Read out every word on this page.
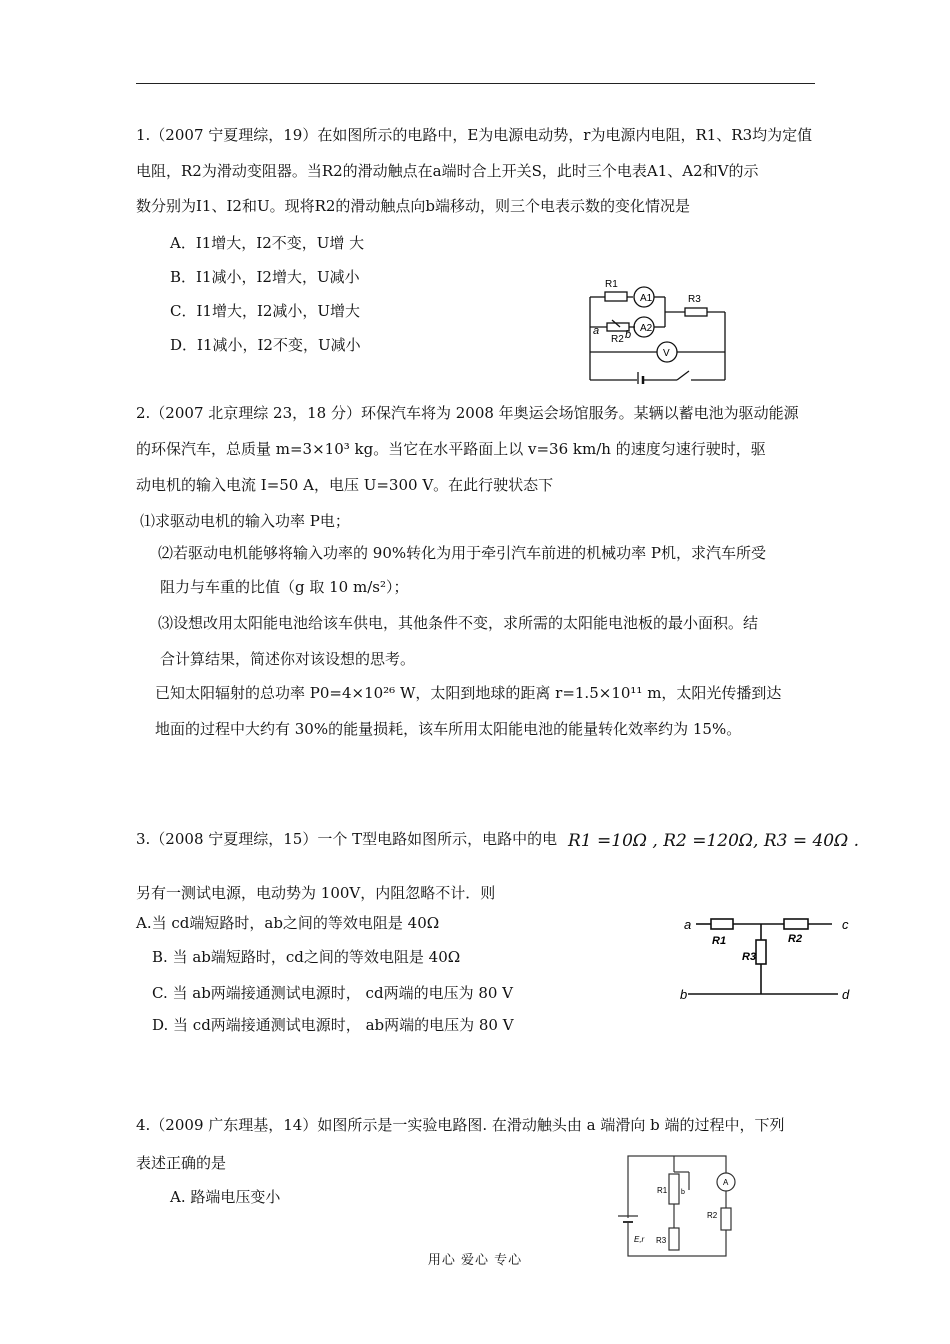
1.（2007 宁夏理综，19）在如图所示的电路中，E为电源电动势，r为电源内电阻，R1、R3均为定值
电阻，R2为滑动变阻器。当R2的滑动触点在a端时合上开关S，此时三个电表A1、A2和V的示
数分别为I1、I2和U。现将R2的滑动触点向b端移动，则三个电表示数的变化情况是
A．I1增大，I2不变，U增 大
B．I1减小，I2增大，U减小
C．I1增大，I2减小，U增大
D．I1减小，I2不变，U减小
R1
A1	R3
a	A2
R2 b
V
2.（2007 北京理综 23，18 分）环保汽车将为 2008 年奥运会场馆服务。某辆以蓄电池为驱动能源
的环保汽车，总质量 m=3×10³ kg。当它在水平路面上以 v=36 km/h 的速度匀速行驶时，驱
动电机的输入电流 I=50 A，电压 U=300 V。在此行驶状态下
⑴求驱动电机的输入功率 P电；
⑵若驱动电机能够将输入功率的 90%转化为用于牵引汽车前进的机械功率 P机，求汽车所受
阻力与车重的比值（g 取 10 m/s²）；
⑶设想改用太阳能电池给该车供电，其他条件不变，求所需的太阳能电池板的最小面积。结
合计算结果，简述你对该设想的思考。
已知太阳辐射的总功率 P0=4×10²⁶ W，太阳到地球的距离 r=1.5×10¹¹ m，太阳光传播到达
地面的过程中大约有 30%的能量损耗，该车所用太阳能电池的能量转化效率约为 15%。
3.（2008 宁夏理综，15）一个 T型电路如图所示，电路中的电 R1 =10Ω , R2 =120Ω, R3 = 40Ω .
另有一测试电源，电动势为 100V，内阻忽略不计．则
A.当 cd端短路时，ab之间的等效电阻是 40Ω
B. 当 ab端短路时，cd之间的等效电阻是 40Ω
C. 当 ab两端接通测试电源时， cd两端的电压为 80 V
D. 当 cd两端接通测试电源时， ab两端的电压为 80 V
a	c
b	d
R1	R2
R3
4.（2009 广东理基，14）如图所示是一实验电路图. 在滑动触头由 a 端滑向 b 端的过程中，下列
表述正确的是
A. 路端电压变小	R1 b
A
R2
R3
E,r
用心 爱心 专心
